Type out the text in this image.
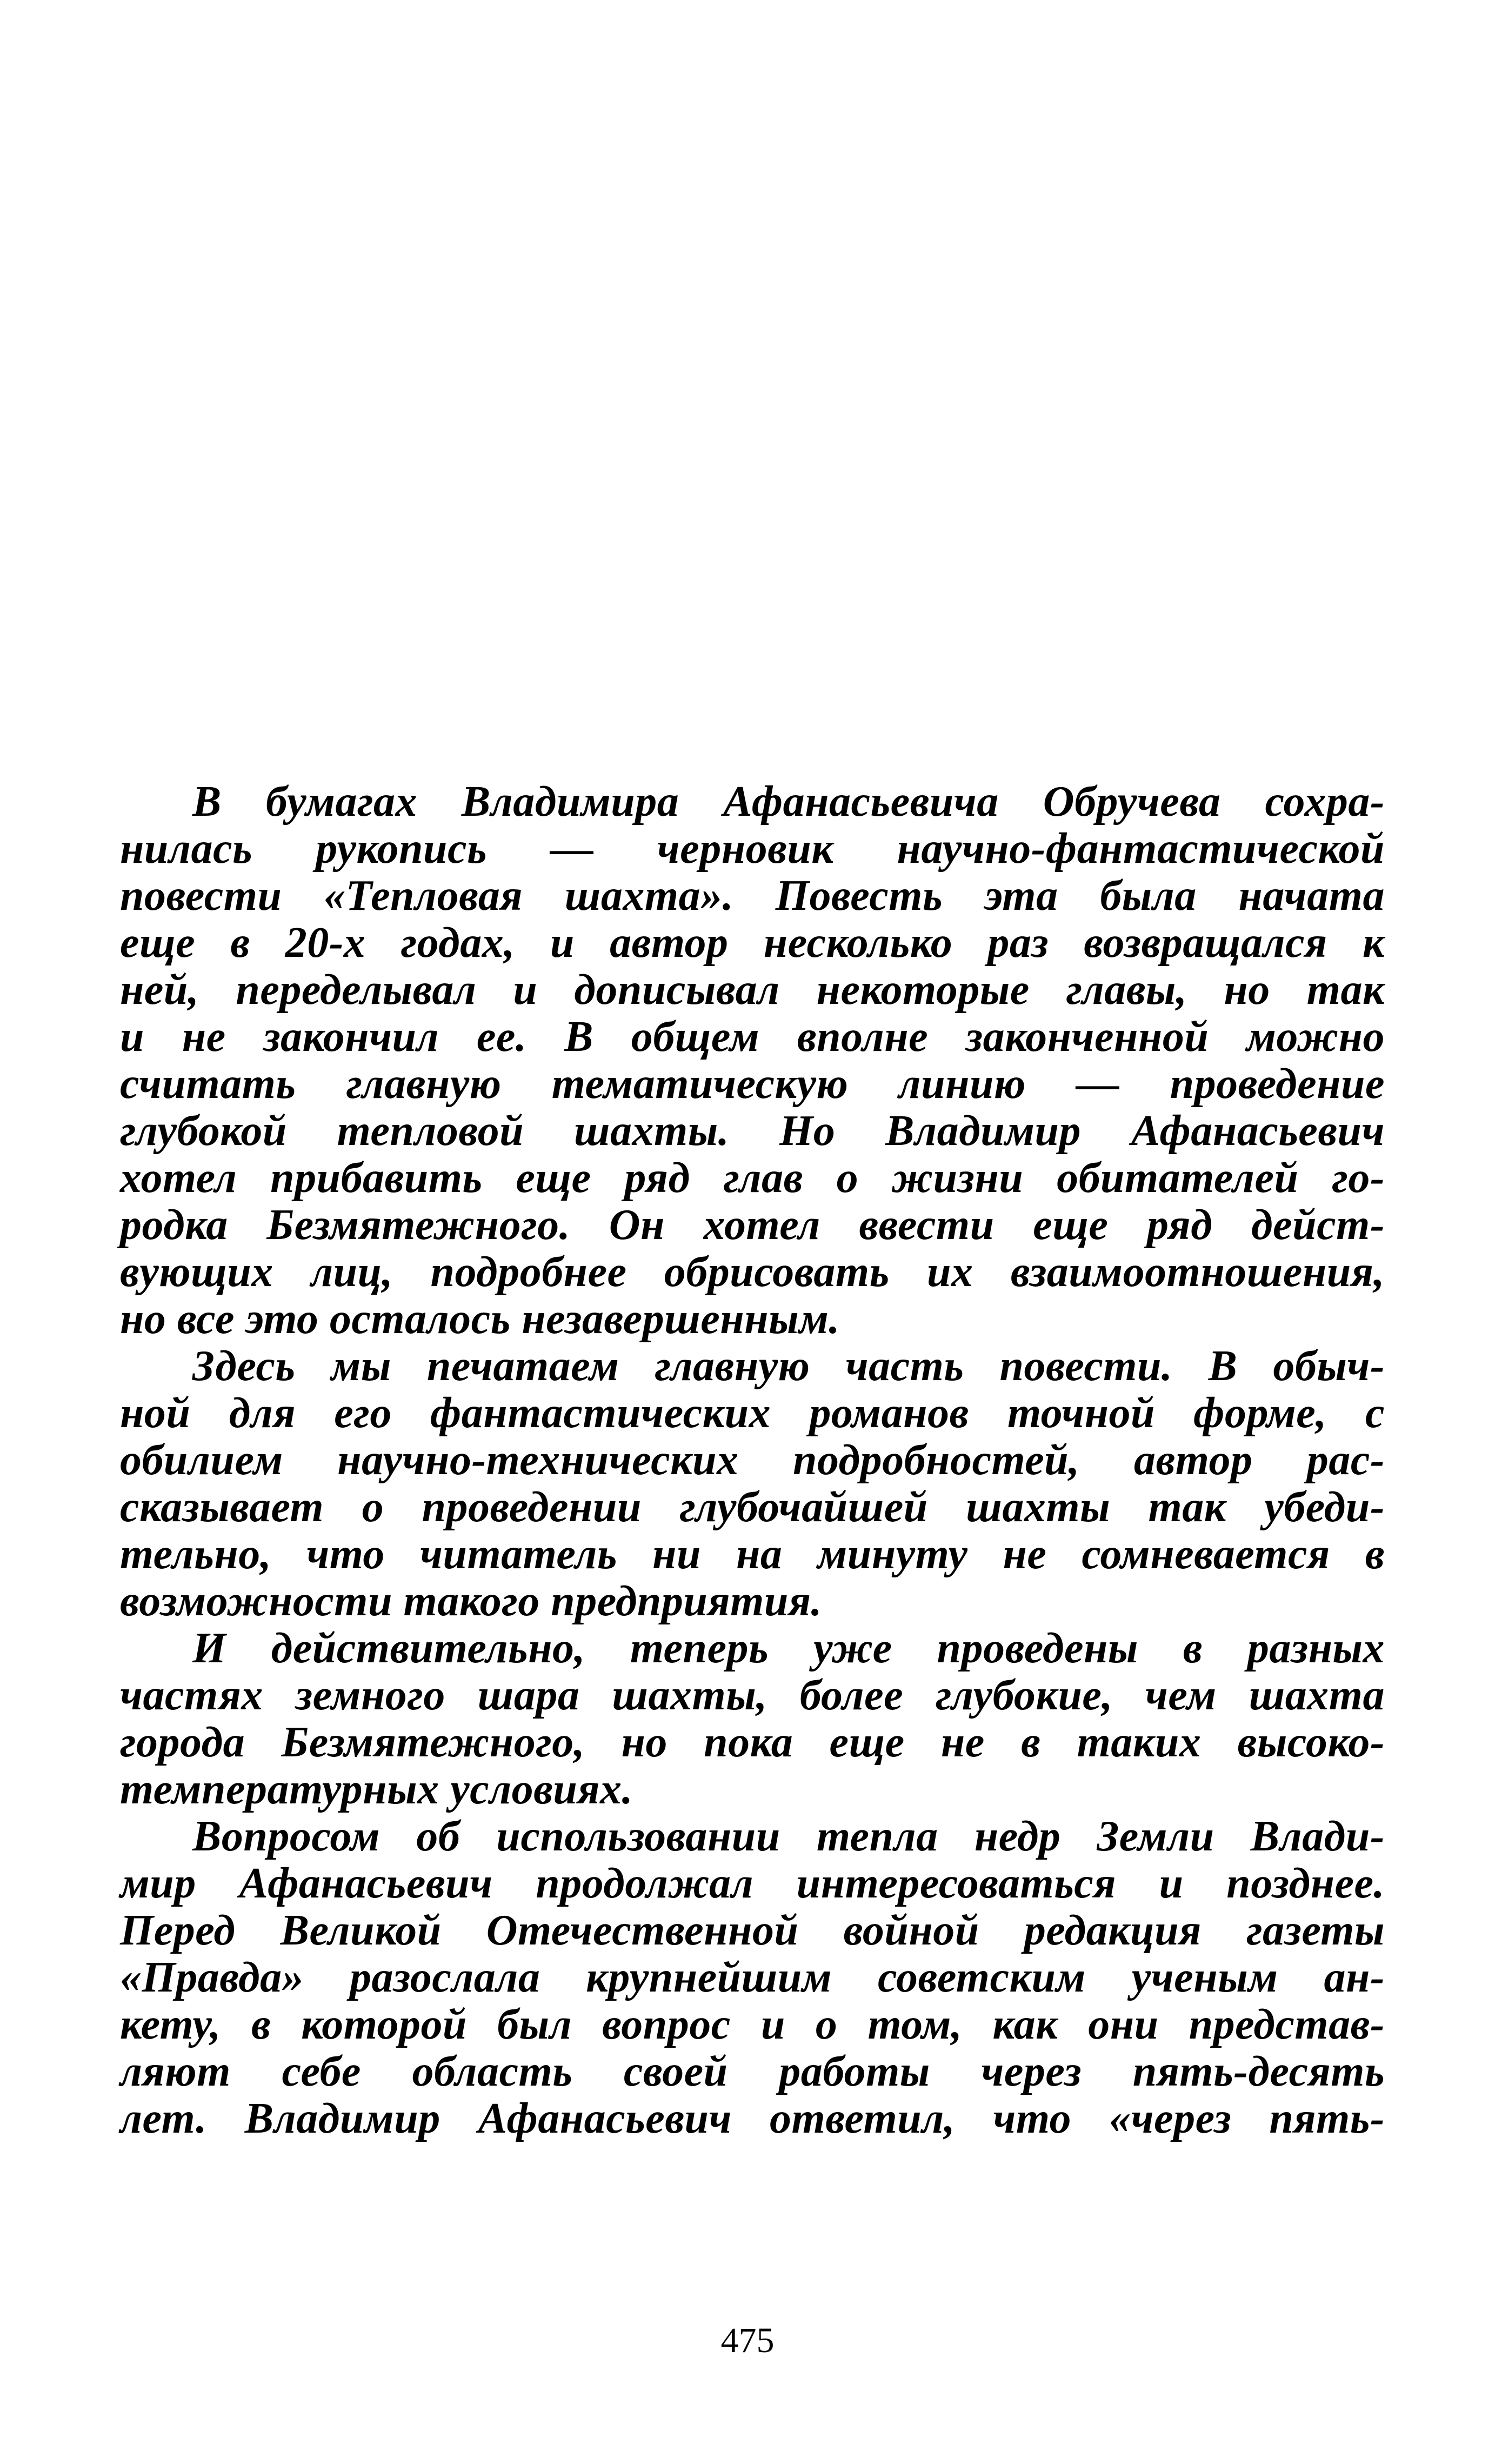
В бумагах Владимира Афанасьевича Обручева сохра-
нилась рукопись — черновик научно-фантастической
повести «Тепловая шахта». Повесть эта была начата
еще в 20-х годах, и автор несколько раз возвращался к
ней, переделывал и дописывал некоторые главы, но так
и не закончил ее. В общем вполне законченной можно
считать главную тематическую линию — проведение
глубокой тепловой шахты. Но Владимир Афанасьевич
хотел прибавить еще ряд глав о жизни обитателей го-
родка Безмятежного. Он хотел ввести еще ряд дейст-
вующих лиц, подробнее обрисовать их взаимоотношения,
но все это осталось незавершенным.
Здесь мы печатаем главную часть повести. В обыч-
ной для его фантастических романов точной форме, с
обилием научно-технических подробностей, автор рас-
сказывает о проведении глубочайшей шахты так убеди-
тельно, что читатель ни на минуту не сомневается в
возможности такого предприятия.
И действительно, теперь уже проведены в разных
частях земного шара шахты, более глубокие, чем шахта
города Безмятежного, но пока еще не в таких высоко-
температурных условиях.
Вопросом об использовании тепла недр Земли Влади-
мир Афанасьевич продолжал интересоваться и позднее.
Перед Великой Отечественной войной редакция газеты
«Правда» разослала крупнейшим советским ученым ан-
кету, в которой был вопрос и о том, как они представ-
ляют себе область своей работы через пять-десять
лет. Владимир Афанасьевич ответил, что «через пять-
475
